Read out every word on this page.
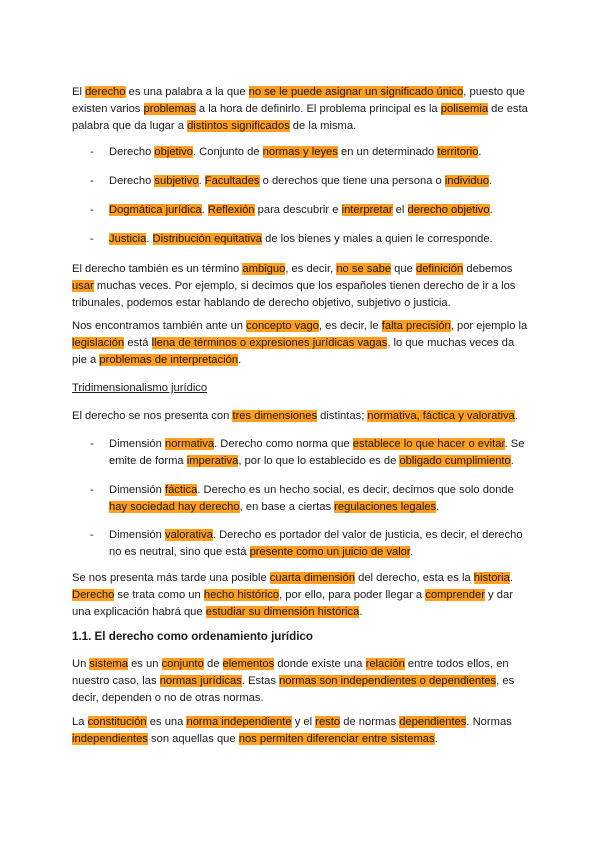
El derecho es una palabra a la que no se le puede asignar un significado único, puesto que existen varios problemas a la hora de definirlo. El problema principal es la polisemia de esta palabra que da lugar a distintos significados de la misma.

- Derecho objetivo. Conjunto de normas y leyes en un determinado territorio.
- Derecho subjetivo. Facultades o derechos que tiene una persona o individuo.
- Dogmática jurídica. Reflexión para descubrir e interpretar el derecho objetivo.
- Justicia. Distribución equitativa de los bienes y males a quien le corresponde.

El derecho también es un término ambiguo, es decir, no se sabe que definición debemos usar muchas veces. Por ejemplo, si decimos que los españoles tienen derecho de ir a los tribunales, podemos estar hablando de derecho objetivo, subjetivo o justicia.

Nos encontramos también ante un concepto vago, es decir, le falta precisión, por ejemplo la legislación está llena de términos o expresiones jurídicas vagas, lo que muchas veces da pie a problemas de interpretación.

Tridimensionalismo jurídico

El derecho se nos presenta con tres dimensiones distintas; normativa, fáctica y valorativa.

- Dimensión normativa. Derecho como norma que establece lo que hacer o evitar. Se emite de forma imperativa, por lo que lo establecido es de obligado cumplimiento.
- Dimensión fáctica. Derecho es un hecho social, es decir, decimos que solo donde hay sociedad hay derecho, en base a ciertas regulaciones legales.
- Dimensión valorativa. Derecho es portador del valor de justicia, es decir, el derecho no es neutral, sino que está presente como un juicio de valor.

Se nos presenta más tarde una posible cuarta dimensión del derecho, esta es la historia. Derecho se trata como un hecho histórico, por ello, para poder llegar a comprender y dar una explicación habrá que estudiar su dimensión histórica.

1.1. El derecho como ordenamiento jurídico

Un sistema es un conjunto de elementos donde existe una relación entre todos ellos, en nuestro caso, las normas jurídicas. Estas normas son independientes o dependientes, es decir, dependen o no de otras normas.

La constitución es una norma independiente y el resto de normas dependientes. Normas independientes son aquellas que nos permiten diferenciar entre sistemas.
